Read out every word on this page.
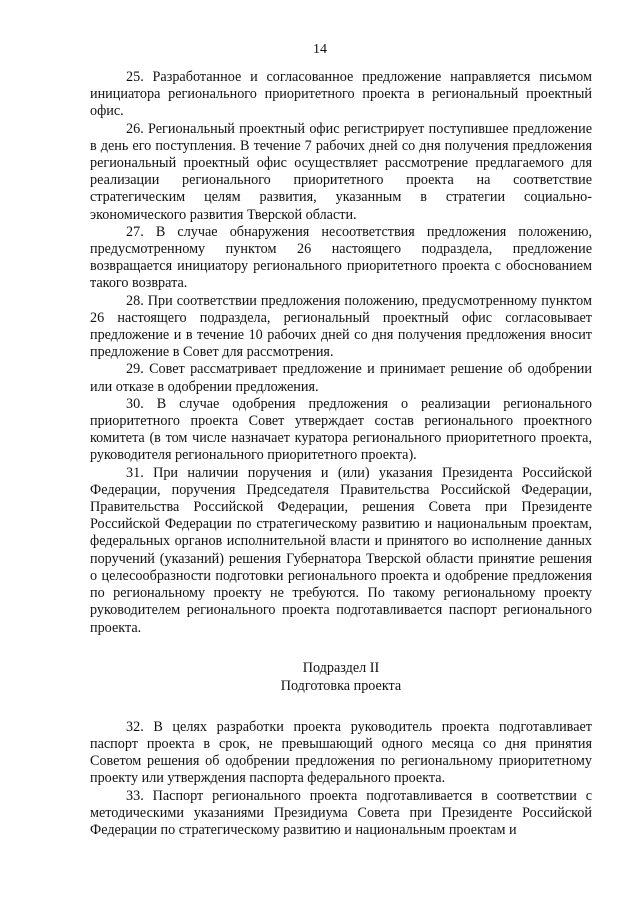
14

25. Разработанное и согласованное предложение направляется письмом инициатора регионального приоритетного проекта в региональный проектный офис.

26. Региональный проектный офис регистрирует поступившее предложение в день его поступления. В течение 7 рабочих дней со дня получения предложения региональный проектный офис осуществляет рассмотрение предлагаемого для реализации регионального приоритетного проекта на соответствие стратегическим целям развития, указанным в стратегии социально-экономического развития Тверской области.

27. В случае обнаружения несоответствия предложения положению, предусмотренному пунктом 26 настоящего подраздела, предложение возвращается инициатору регионального приоритетного проекта с обоснованием такого возврата.

28. При соответствии предложения положению, предусмотренному пунктом 26 настоящего подраздела, региональный проектный офис согласовывает предложение и в течение 10 рабочих дней со дня получения предложения вносит предложение в Совет для рассмотрения.

29. Совет рассматривает предложение и принимает решение об одобрении или отказе в одобрении предложения.

30. В случае одобрения предложения о реализации регионального приоритетного проекта Совет утверждает состав регионального проектного комитета (в том числе назначает куратора регионального приоритетного проекта, руководителя регионального приоритетного проекта).

31. При наличии поручения и (или) указания Президента Российской Федерации, поручения Председателя Правительства Российской Федерации, Правительства Российской Федерации, решения Совета при Президенте Российской Федерации по стратегическому развитию и национальным проектам, федеральных органов исполнительной власти и принятого во исполнение данных поручений (указаний) решения Губернатора Тверской области принятие решения о целесообразности подготовки регионального проекта и одобрение предложения по региональному проекту не требуются. По такому региональному проекту руководителем регионального проекта подготавливается паспорт регионального проекта.

Подраздел II
Подготовка проекта

32. В целях разработки проекта руководитель проекта подготавливает паспорт проекта в срок, не превышающий одного месяца со дня принятия Советом решения об одобрении предложения по региональному приоритетному проекту или утверждения паспорта федерального проекта.

33. Паспорт регионального проекта подготавливается в соответствии с методическими указаниями Президиума Совета при Президенте Российской Федерации по стратегическому развитию и национальным проектам и
